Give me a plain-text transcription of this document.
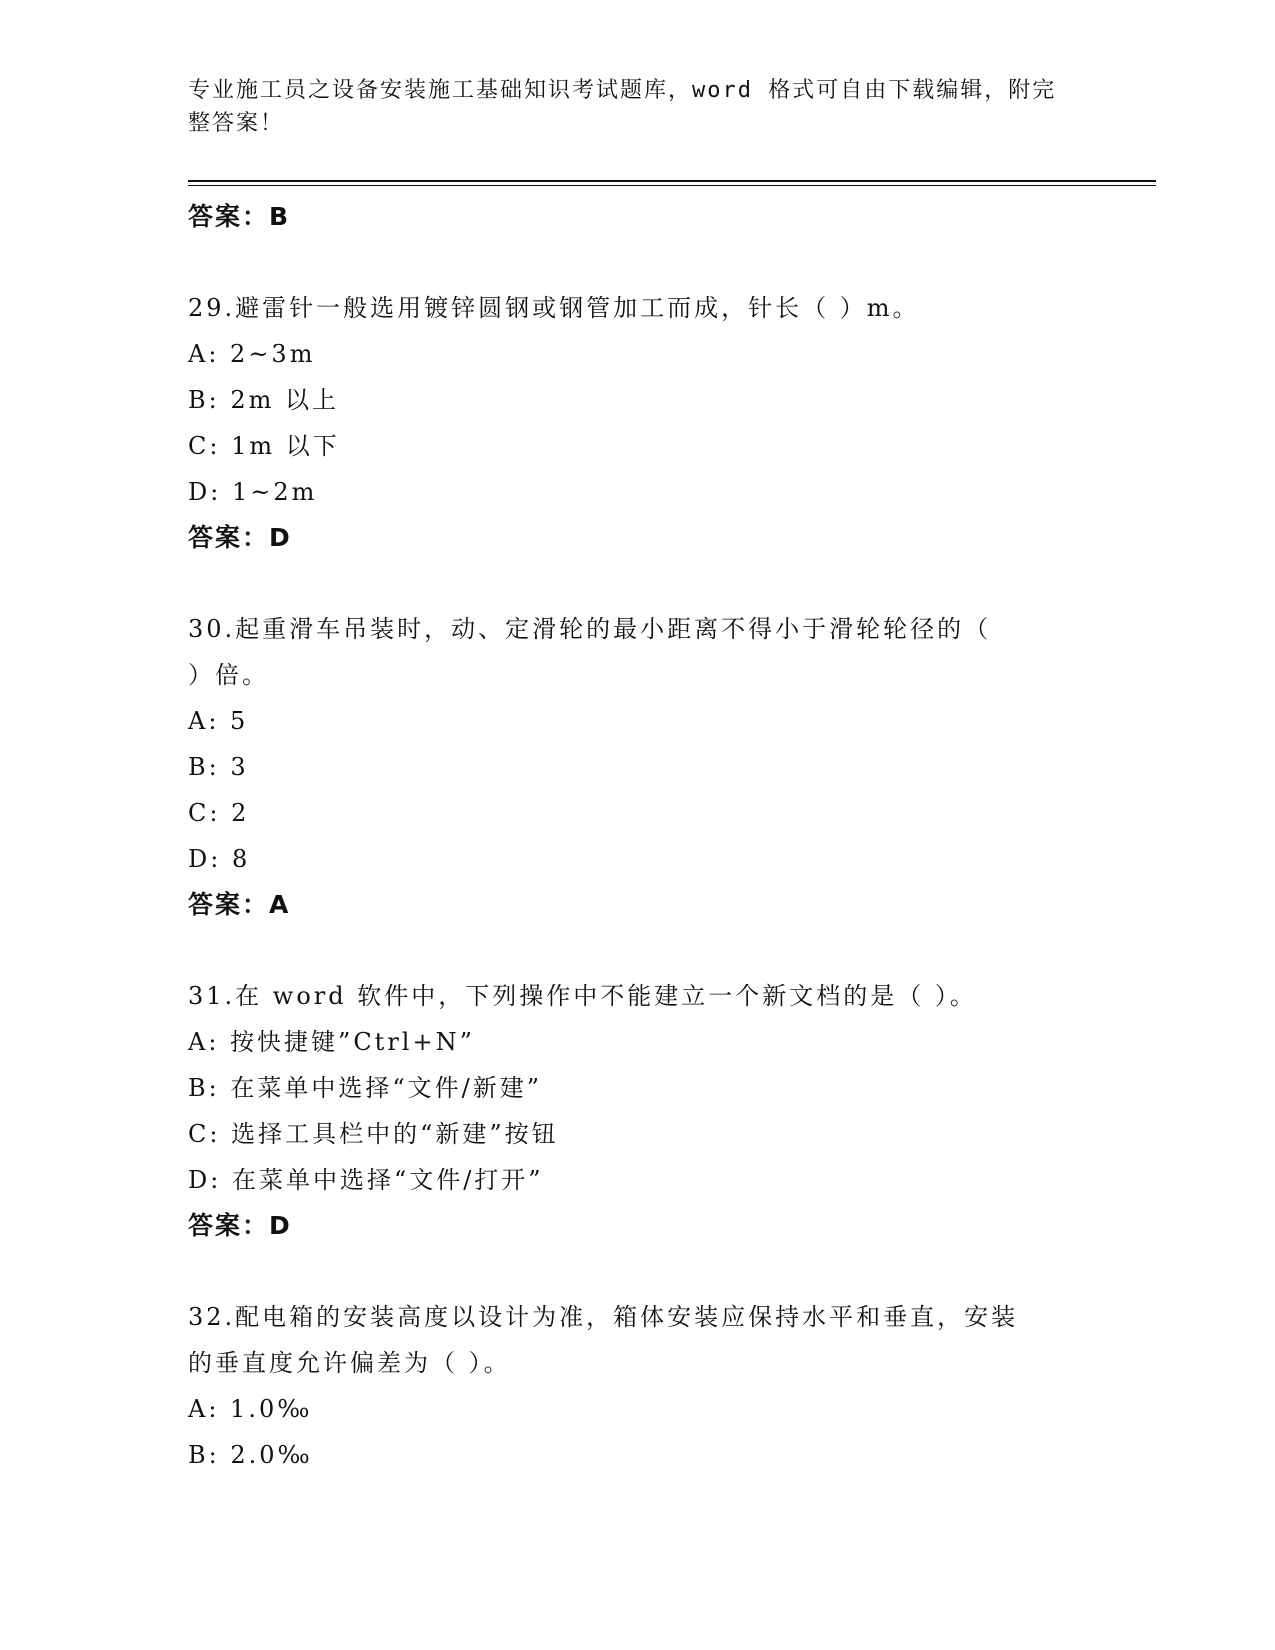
专业施工员之设备安装施工基础知识考试题库，word 格式可自由下载编辑，附完
整答案！
答案：B
29.避雷针一般选用镀锌圆钢或钢管加工而成，针长（ ）m。
A: 2~3m
B: 2m 以上
C: 1m 以下
D: 1~2m
答案：D
30.起重滑车吊装时，动、定滑轮的最小距离不得小于滑轮轮径的（
）倍。
A: 5
B: 3
C: 2
D: 8
答案：A
31.在 word 软件中，下列操作中不能建立一个新文档的是（ ）。
A: 按快捷键”Ctrl+N”
B: 在菜单中选择“文件/新建”
C: 选择工具栏中的“新建”按钮
D: 在菜单中选择“文件/打开”
答案：D
32.配电箱的安装高度以设计为准，箱体安装应保持水平和垂直，安装
的垂直度允许偏差为（ ）。
A: 1.0‰
B: 2.0‰
